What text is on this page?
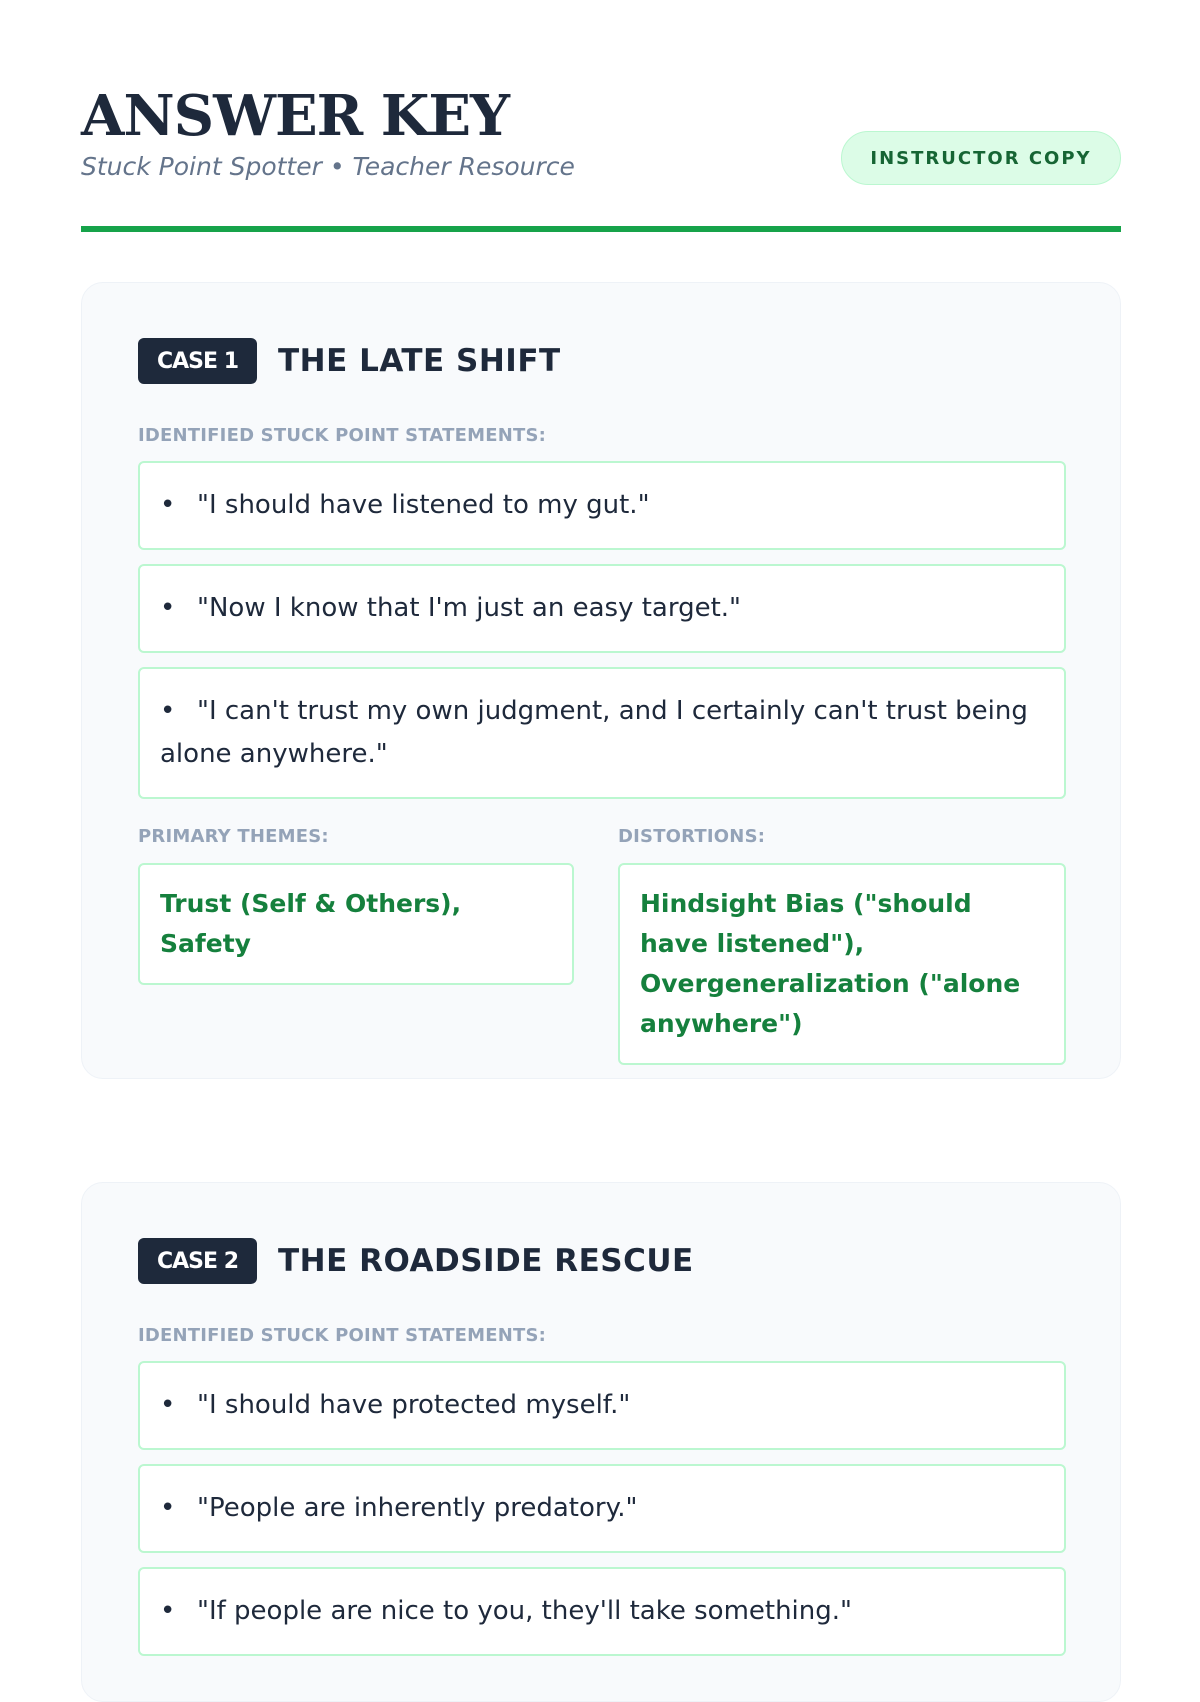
ANSWER KEY
Stuck Point Spotter • Teacher Resource	INSTRUCTOR COPY
CASE 1	THE LATE SHIFT
IDENTIFIED STUCK POINT STATEMENTS:
• "I should have listened to my gut."
• "Now I know that I'm just an easy target."
• "I can't trust my own judgment, and I certainly can't trust being alone anywhere."
PRIMARY THEMES:	DISTORTIONS:
Trust (Self & Others), Safety
Hindsight Bias ("should have listened"), Overgeneralization ("alone anywhere")
CASE 2	THE ROADSIDE RESCUE
IDENTIFIED STUCK POINT STATEMENTS:
• "I should have protected myself."
• "People are inherently predatory."
• "If people are nice to you, they'll take something."
